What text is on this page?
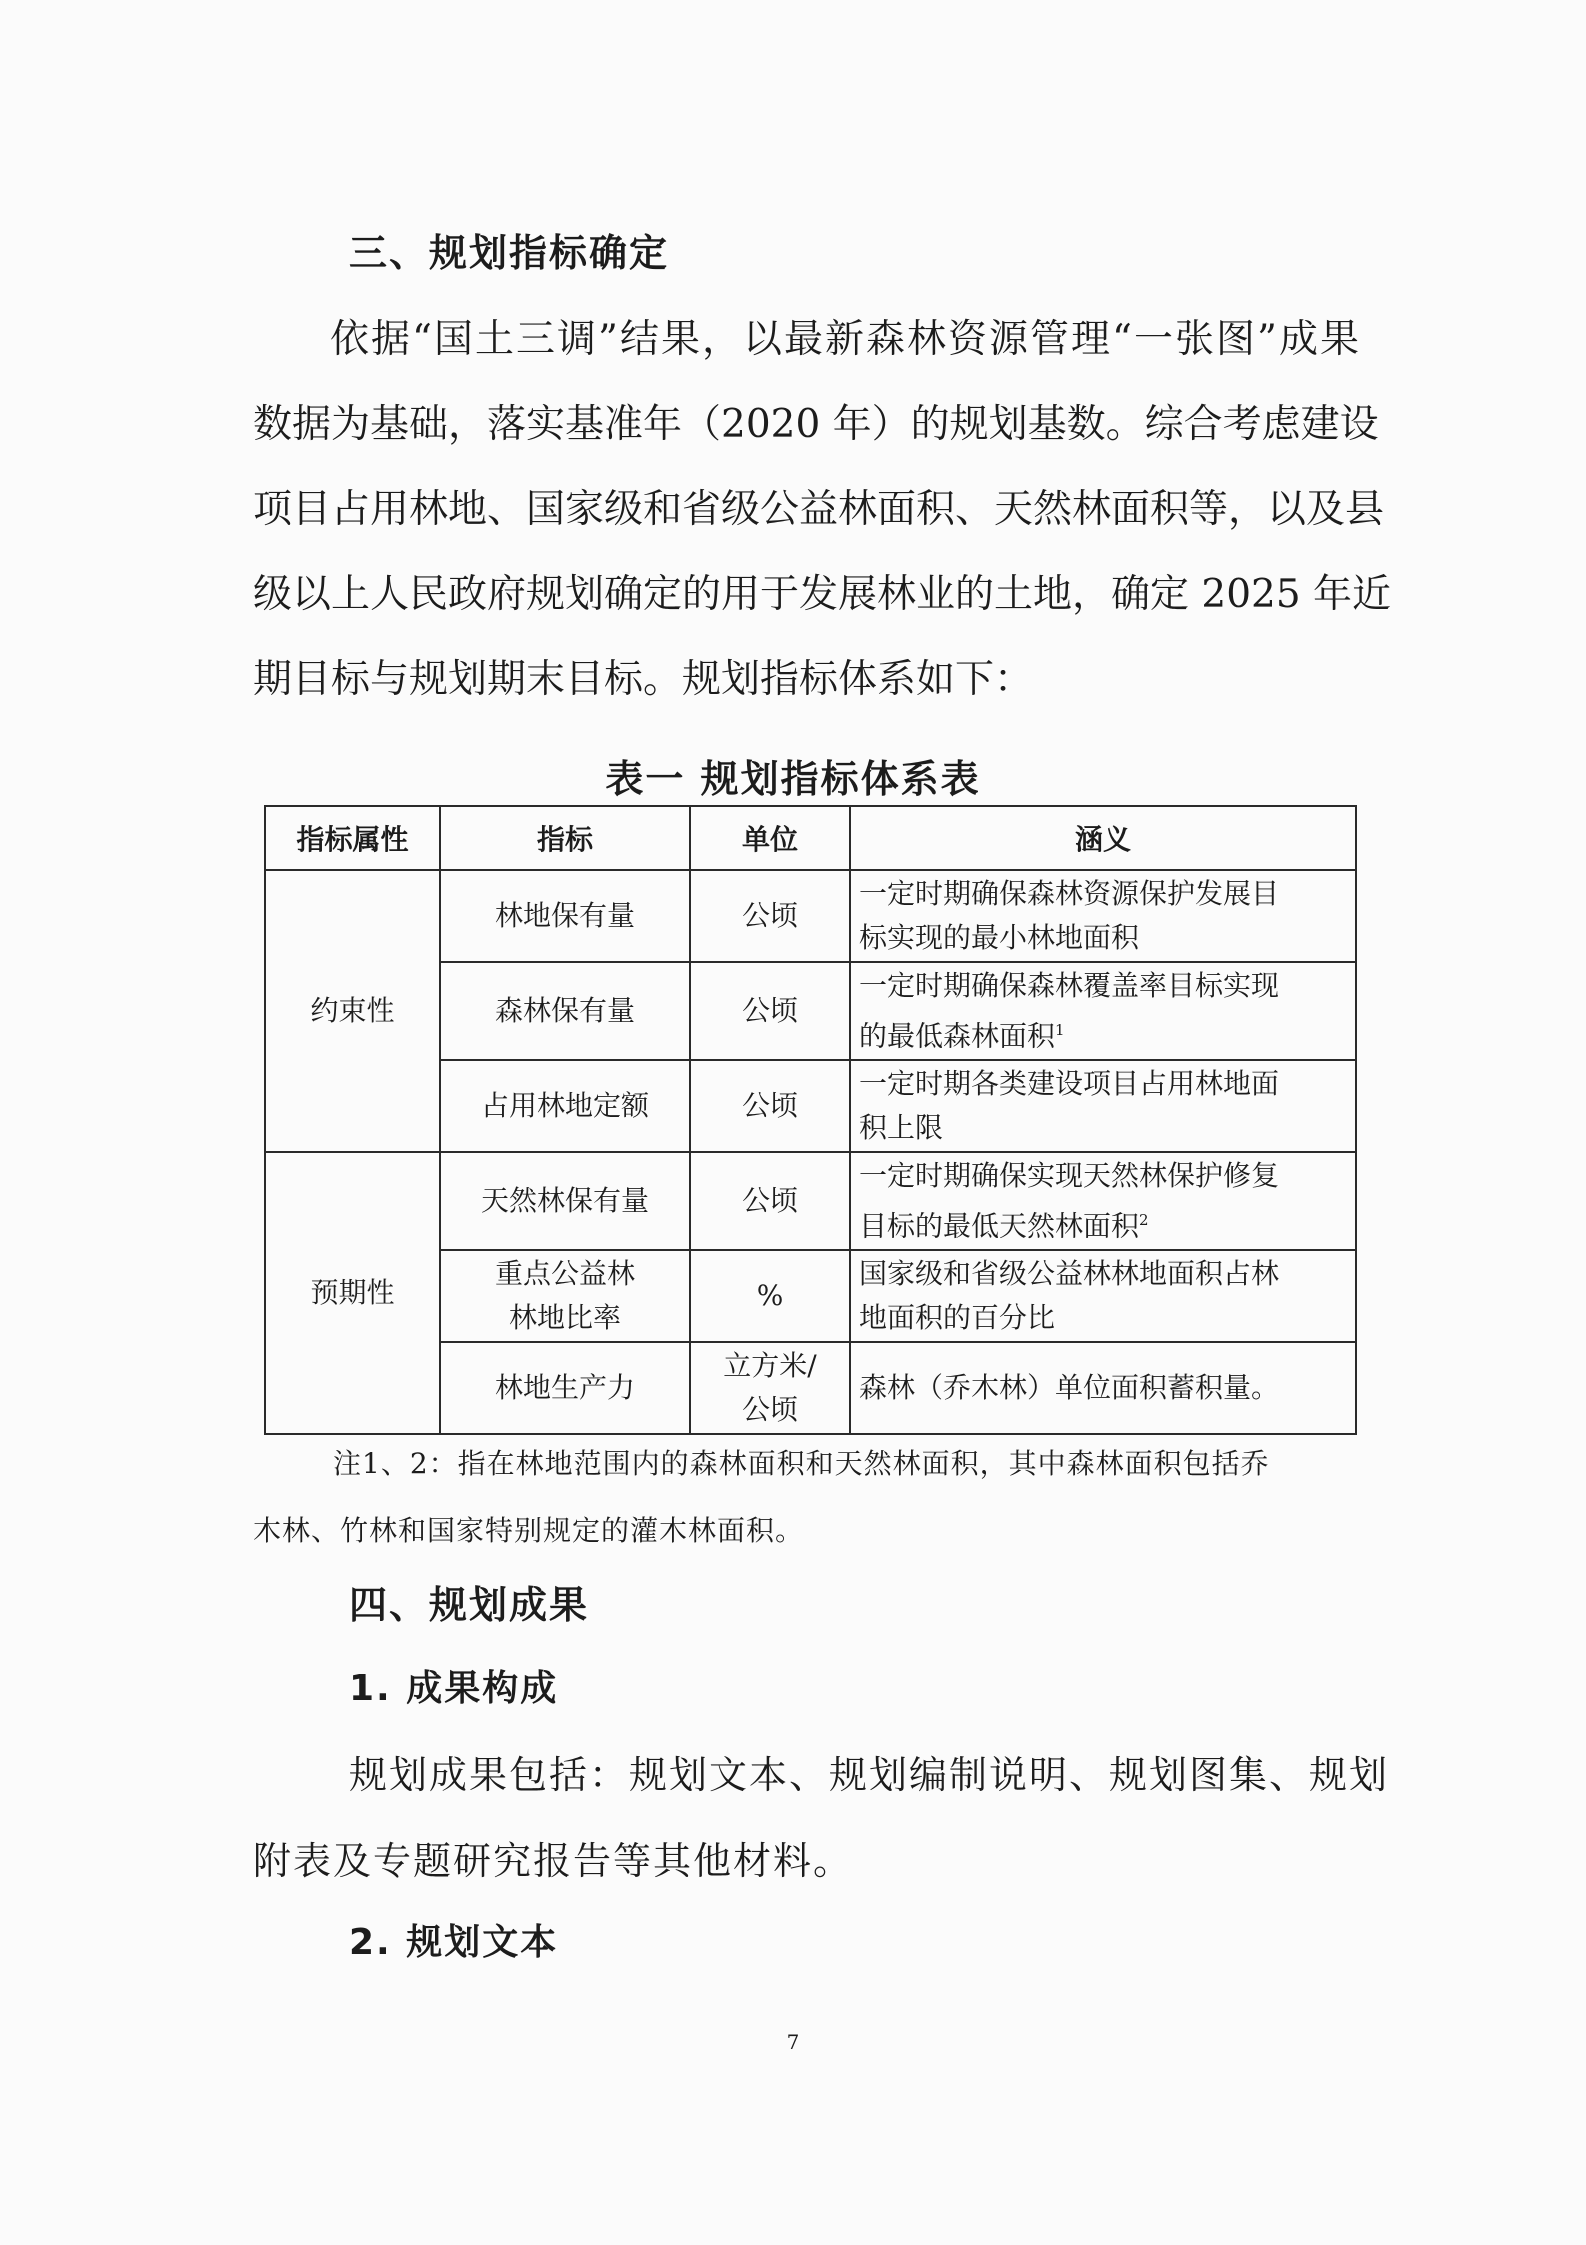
三、规划指标确定

依据“国土三调”结果，以最新森林资源管理“一张图”成果

数据为基础，落实基准年（2020 年）的规划基数。综合考虑建设

项目占用林地、国家级和省级公益林面积、天然林面积等，以及县

级以上人民政府规划确定的用于发展林业的土地，确定 2025 年近

期目标与规划期末目标。规划指标体系如下：

表一 规划指标体系表

指标属性	指标	单位	涵义
约束性	林地保有量	公顷	一定时期确保森林资源保护发展目
标实现的最小林地面积
	森林保有量	公顷	一定时期确保森林覆盖率目标实现
的最低森林面积$^1$
	占用林地定额	公顷	一定时期各类建设项目占用林地面
积上限
预期性	天然林保有量	公顷	一定时期确保实现天然林保护修复
目标的最低天然林面积$^2$
	重点公益林
林地比率	%	国家级和省级公益林林地面积占林
地面积的百分比
	林地生产力	立方米/
公顷	森林（乔木林）单位面积蓄积量。

注1、2：指在林地范围内的森林面积和天然林面积，其中森林面积包括乔

木林、竹林和国家特别规定的灌木林面积。

四、规划成果
1. 成果构成

规划成果包括：规划文本、规划编制说明、规划图集、规划

附表及专题研究报告等其他材料。

2. 规划文本

7
